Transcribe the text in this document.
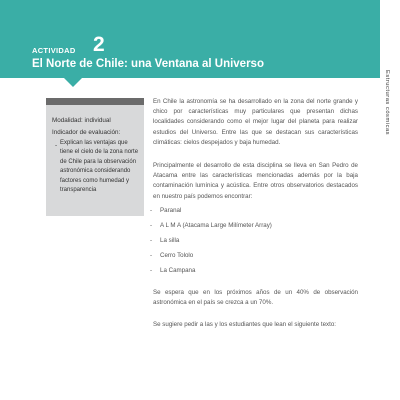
ACTIVIDAD 2
El Norte de Chile: una Ventana al Universo
Estructuras cósmicas
Modalidad: individual
Indicador de evaluación:
- Explican las ventajas que tiene el cielo de la zona norte de Chile para la observación astronómica considerando factores como humedad y transparencia
En Chile la astronomía se ha desarrollado en la zona del norte grande y chico por características muy particulares que presentan dichas localidades considerando como el mejor lugar del planeta para realizar estudios del Universo. Entre las que se destacan sus características climáticas: cielos despejados y baja humedad.
Principalmente el desarrollo de esta disciplina se lleva en San Pedro de Atacama entre las características mencionadas además por la baja contaminación lumínica y acústica. Entre otros observatorios destacados en nuestro país podemos encontrar:
- Paranal
- A L M A (Atacama Large Milímeter Array)
- La silla
- Cerro Tololo
- La Campana
Se espera que en los próximos años de un 40% de observación astronómica en el país se crezca a un 70%.
Se sugiere pedir a las y los estudiantes que lean el siguiente texto:
